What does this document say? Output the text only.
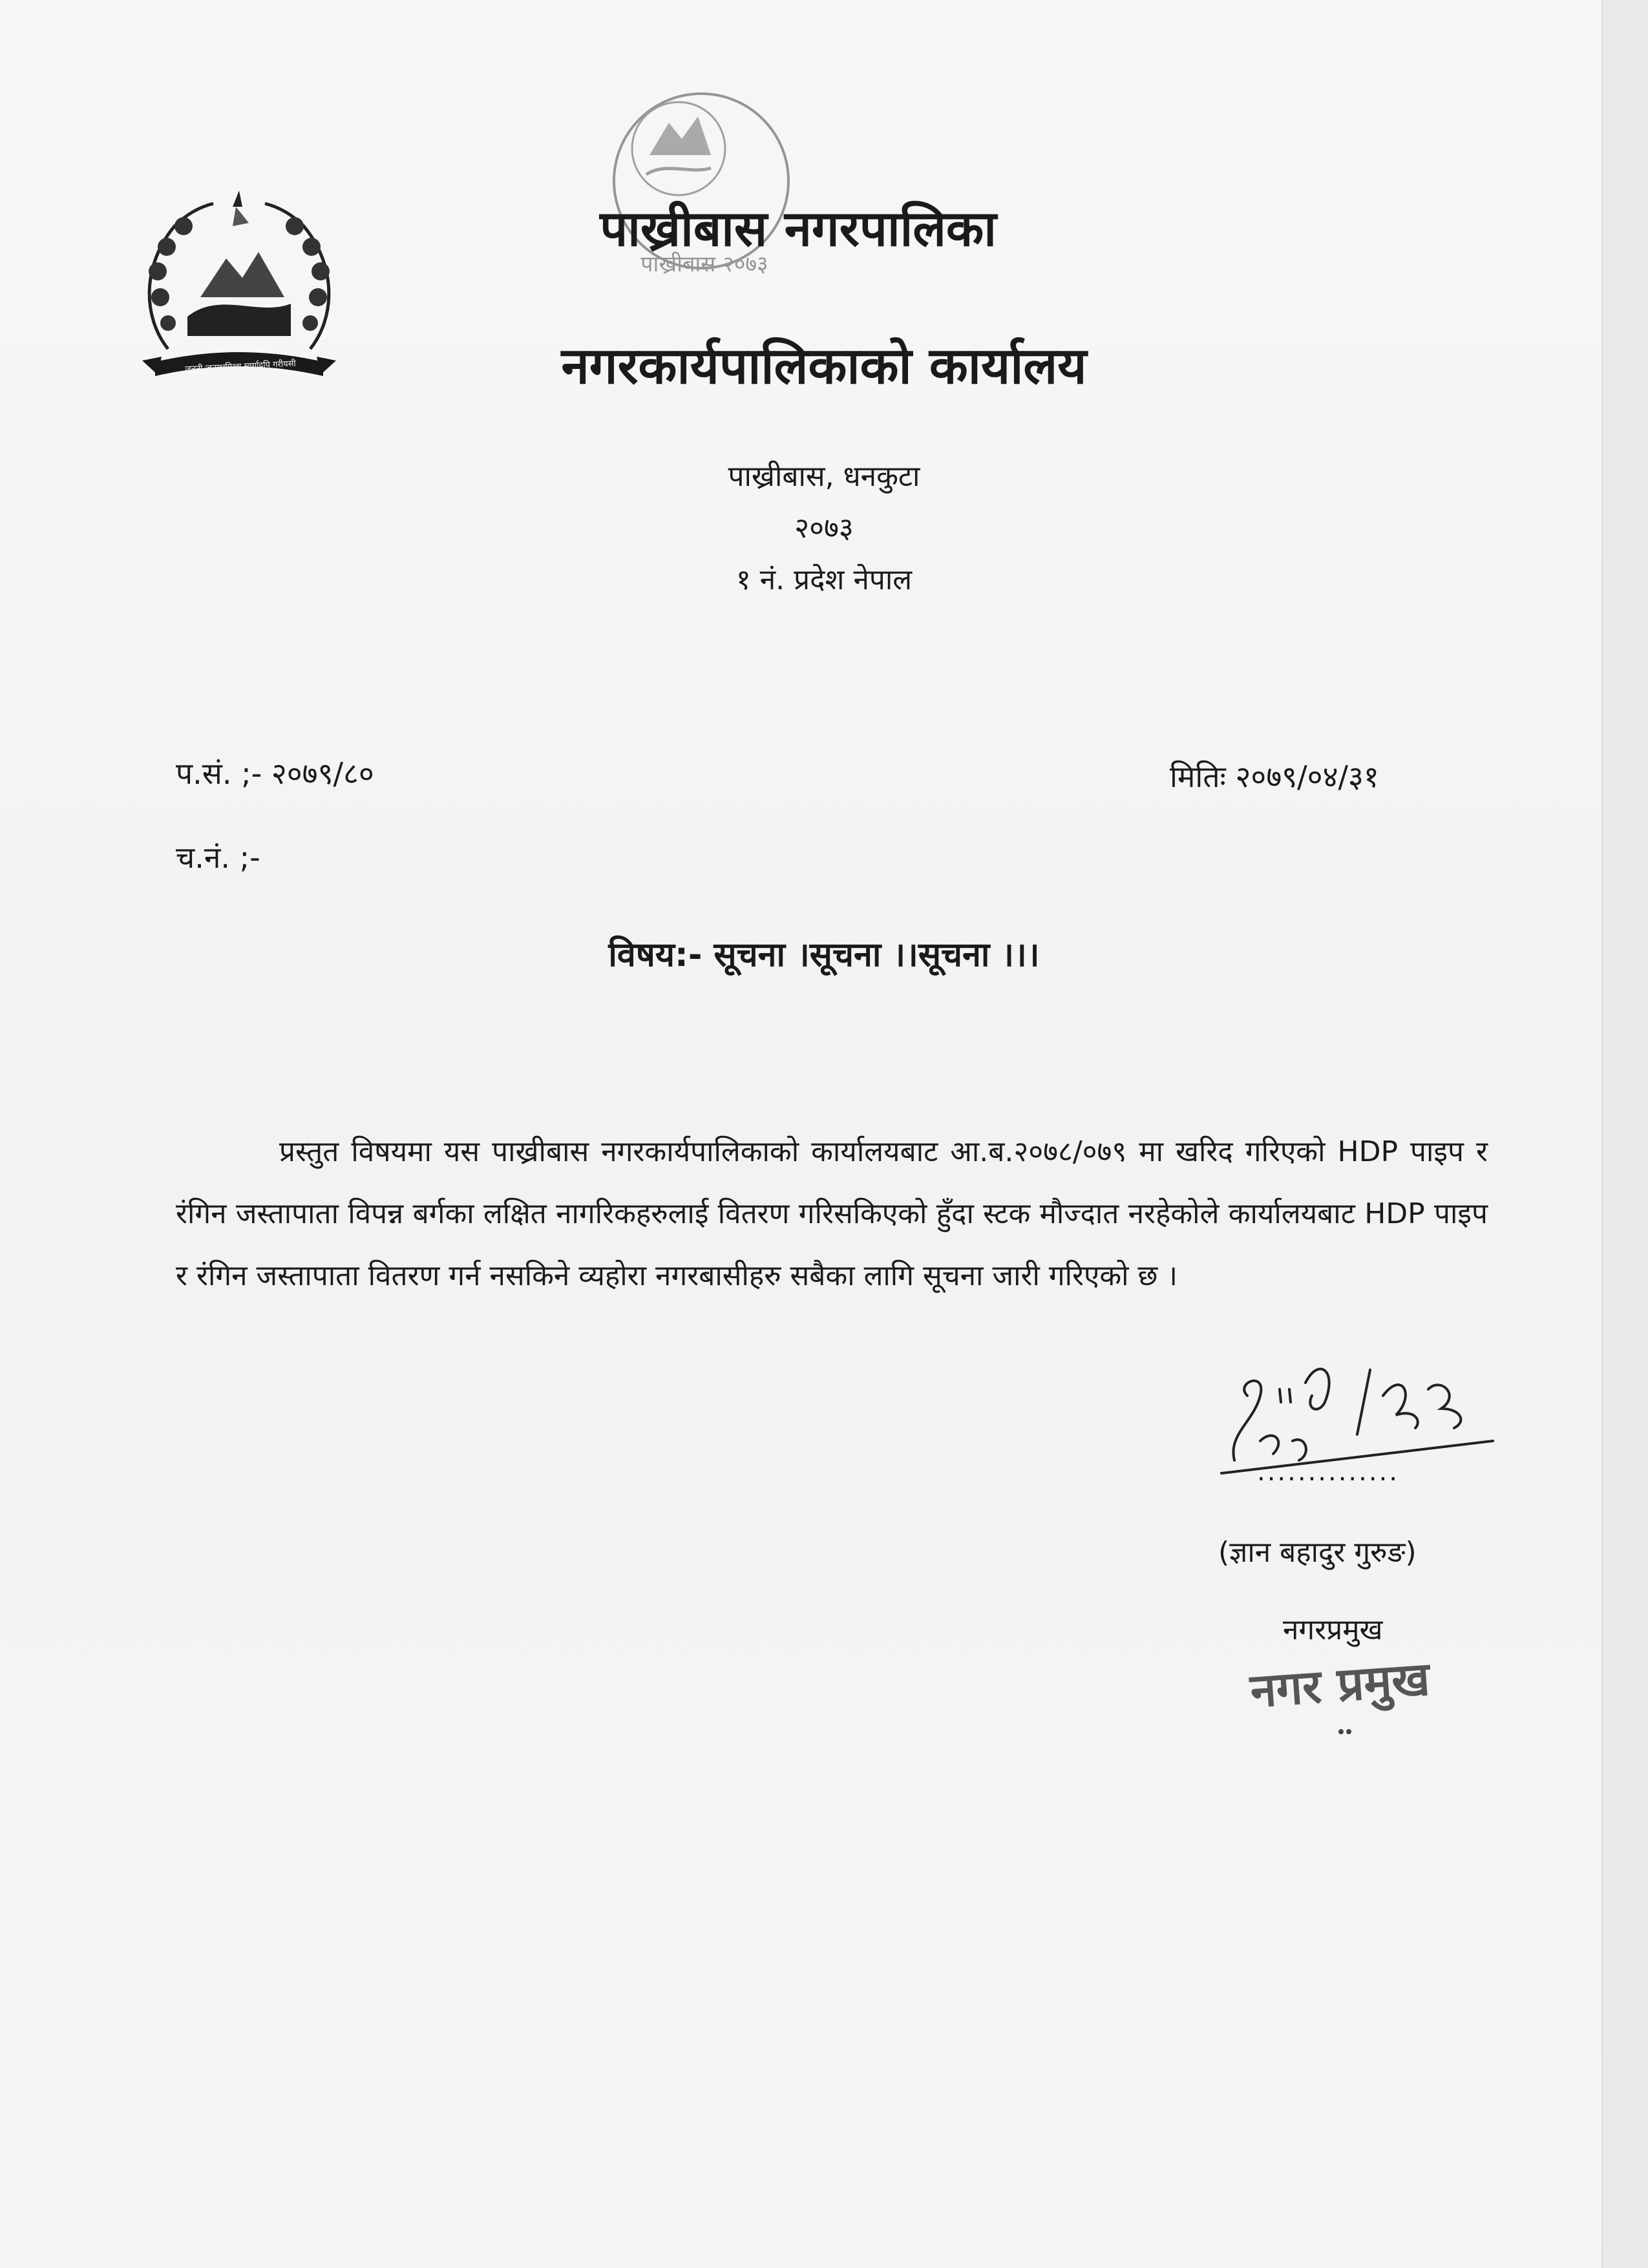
जननी जन्मभूमिश्च स्वर्गादपि गरीयसी
पाख्रीबास २०७३
पाख्रीबास नगरपालिका
नगरकार्यपालिकाको कार्यालय
पाख्रीबास, धनकुटा
२०७३
१ नं. प्रदेश नेपाल
प.सं. ;- २०७९/८०	मितिः २०७९/०४/३१
च.नं. ;-
विषय:- सूचना ।सूचना ।।सूचना ।।।
प्रस्तुत विषयमा यस पाख्रीबास नगरकार्यपालिकाको कार्यालयबाट आ.ब.२०७८/०७९ मा खरिद गरिएको HDP पाइप र रंगिन जस्तापाता विपन्न बर्गका लक्षित नागरिकहरुलाई वितरण गरिसकिएको हुँदा स्टक मौज्दात नरहेकोले कार्यालयबाट HDP पाइप र रंगिन जस्तापाता वितरण गर्न नसकिने व्यहोरा नगरबासीहरु सबैका लागि सूचना जारी गरिएको छ ।
..............
(ज्ञान बहादुर गुरुङ)
नगरप्रमुख
नगर प्रमुख
